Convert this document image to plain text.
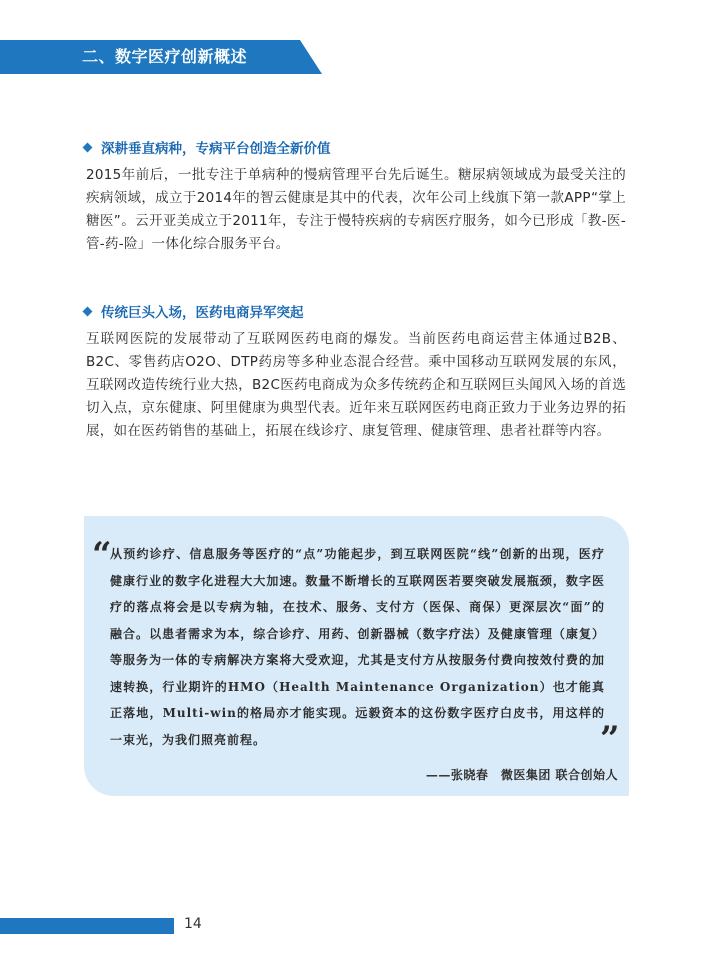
二、数字医疗创新概述
深耕垂直病种，专病平台创造全新价值
2015年前后，一批专注于单病种的慢病管理平台先后诞生。糖尿病领域成为最受关注的疾病领域，成立于2014年的智云健康是其中的代表，次年公司上线旗下第一款APP“掌上糖医”。云开亚美成立于2011年，专注于慢特疾病的专病医疗服务，如今已形成「教-医-管-药-险」一体化综合服务平台。
传统巨头入场，医药电商异军突起
互联网医院的发展带动了互联网医药电商的爆发。当前医药电商运营主体通过B2B、B2C、零售药店O2O、DTP药房等多种业态混合经营。乘中国移动互联网发展的东风，互联网改造传统行业大热，B2C医药电商成为众多传统药企和互联网巨头闻风入场的首选切入点，京东健康、阿里健康为典型代表。近年来互联网医药电商正致力于业务边界的拓展，如在医药销售的基础上，拓展在线诊疗、康复管理、健康管理、患者社群等内容。
“
从预约诊疗、信息服务等医疗的“点”功能起步，到互联网医院“线”创新的出现，医疗健康行业的数字化进程大大加速。数量不断增长的互联网医若要突破发展瓶颈，数字医疗的落点将会是以专病为轴，在技术、服务、支付方（医保、商保）更深层次“面”的融合。以患者需求为本，综合诊疗、用药、创新器械（数字疗法）及健康管理（康复）等服务为一体的专病解决方案将大受欢迎，尤其是支付方从按服务付费向按效付费的加速转换，行业期许的HMO（Health Maintenance Organization）也才能真正落地，Multi-win的格局亦才能实现。远毅资本的这份数字医疗白皮书，用这样的一束光，为我们照亮前程。	”
——张晓春　微医集团 联合创始人
14
